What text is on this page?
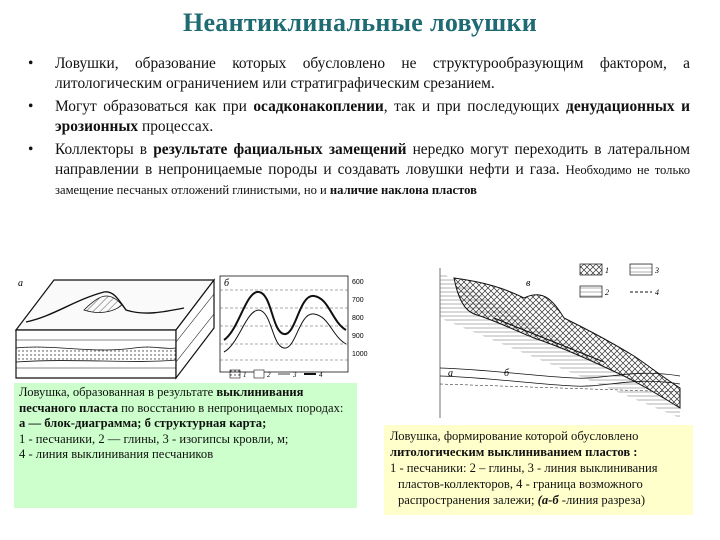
Неантиклинальные ловушки
• Ловушки, образование которых обусловлено не структурообразующим фактором, а литологическим ограничением или стратиграфическим срезанием.
• Могут образоваться как при осадконакоплении, так и при последующих денудационных и эрозионных процессах.
• Коллекторы в результате фациальных замещений нередко могут переходить в латеральном направлении в непроницаемые породы и создавать ловушки нефти и газа. Необходимо не только замещение песчаных отложений глинистыми, но и наличие наклона пластов
a	б	600
700
800
900
1000
1	2	3	4
Ловушка, образованная в результате выклинивания песчаного пласта по восстанию в непроницаемых породах:
а — блок-диаграмма; б структурная карта;
1 - песчаники, 2 — глины, 3 - изогипсы кровли, м;
4 - линия выклинивания песчаников
1	3
2	4
а	б
в
Ловушка, формирование которой обусловлено
литологическим выклиниванием пластов :
1 - песчаники: 2 – глины, 3 - линия выклинивания
пластов-коллекторов, 4 - граница возможного
распространения залежи; (а-б -линия разреза)
